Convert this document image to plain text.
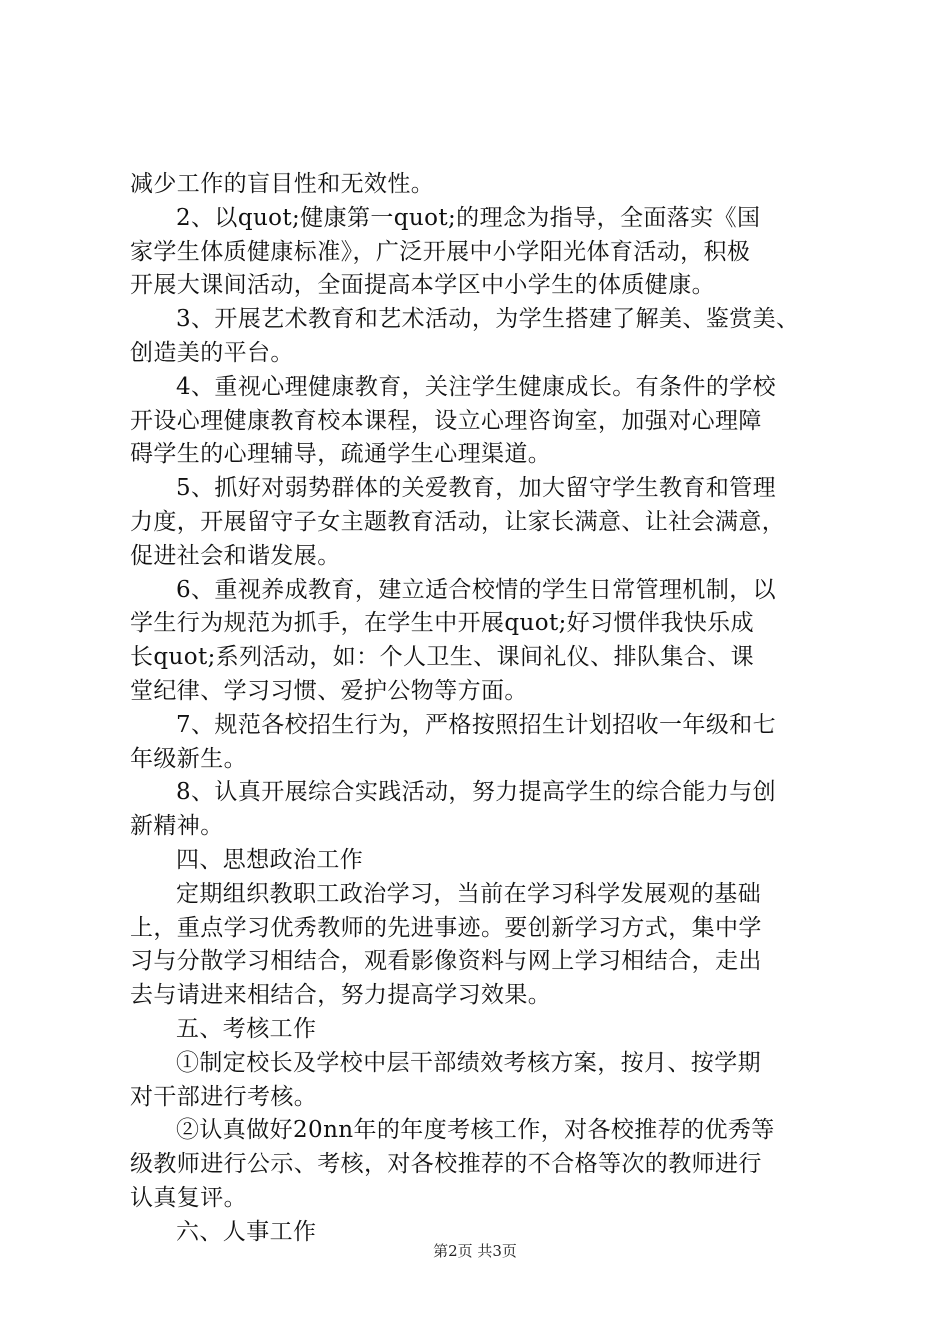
减少工作的盲目性和无效性。
2、以quot;健康第一quot;的理念为指导，全面落实《国
家学生体质健康标准》，广泛开展中小学阳光体育活动，积极
开展大课间活动，全面提高本学区中小学生的体质健康。
3、开展艺术教育和艺术活动，为学生搭建了解美、鉴赏美、
创造美的平台。
4、重视心理健康教育，关注学生健康成长。有条件的学校
开设心理健康教育校本课程，设立心理咨询室，加强对心理障
碍学生的心理辅导，疏通学生心理渠道。
5、抓好对弱势群体的关爱教育，加大留守学生教育和管理
力度，开展留守子女主题教育活动，让家长满意、让社会满意，
促进社会和谐发展。
6、重视养成教育，建立适合校情的学生日常管理机制，以
学生行为规范为抓手，在学生中开展quot;好习惯伴我快乐成
长quot;系列活动，如：个人卫生、课间礼仪、排队集合、课
堂纪律、学习习惯、爱护公物等方面。
7、规范各校招生行为，严格按照招生计划招收一年级和七
年级新生。
8、认真开展综合实践活动，努力提高学生的综合能力与创
新精神。
四、思想政治工作
定期组织教职工政治学习，当前在学习科学发展观的基础
上，重点学习优秀教师的先进事迹。要创新学习方式，集中学
习与分散学习相结合，观看影像资料与网上学习相结合，走出
去与请进来相结合，努力提高学习效果。
五、考核工作
①制定校长及学校中层干部绩效考核方案，按月、按学期
对干部进行考核。
②认真做好20nn年的年度考核工作，对各校推荐的优秀等
级教师进行公示、考核，对各校推荐的不合格等次的教师进行
认真复评。
六、人事工作
第2页 共3页
